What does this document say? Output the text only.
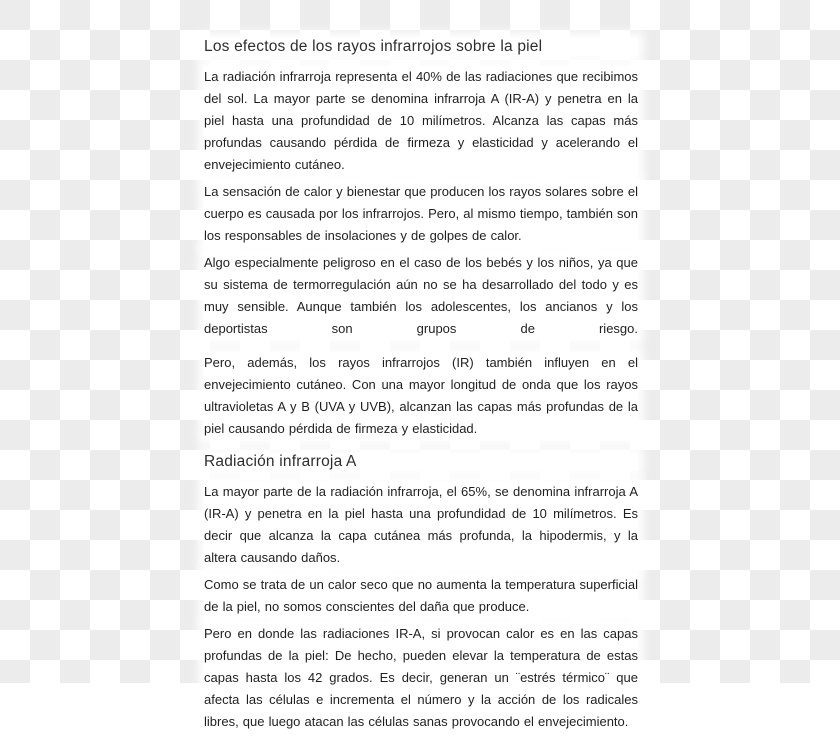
Los efectos de los rayos infrarrojos sobre la piel

La radiación infrarroja representa el 40% de las radiaciones que recibimos del sol. La mayor parte se denomina infrarroja A (IR-A) y penetra en la piel hasta una profundidad de 10 milímetros. Alcanza las capas más profundas causando pérdida de firmeza y elasticidad y acelerando el envejecimiento cutáneo.

La sensación de calor y bienestar que producen los rayos solares sobre el cuerpo es causada por los infrarrojos. Pero, al mismo tiempo, también son los responsables de insolaciones y de golpes de calor.

Algo especialmente peligroso en el caso de los bebés y los niños, ya que su sistema de termorregulación aún no se ha desarrollado del todo y es muy sensible. Aunque también los adolescentes, los ancianos y los deportistas son grupos de riesgo.

Pero, además, los rayos infrarrojos (IR) también influyen en el envejecimiento cutáneo. Con una mayor longitud de onda que los rayos ultravioletas A y B (UVA y UVB), alcanzan las capas más profundas de la piel causando pérdida de firmeza y elasticidad.

Radiación infrarroja A

La mayor parte de la radiación infrarroja, el 65%, se denomina infrarroja A (IR-A) y penetra en la piel hasta una profundidad de 10 milímetros. Es decir que alcanza la capa cutánea más profunda, la hipodermis, y la altera causando daños.

Como se trata de un calor seco que no aumenta la temperatura superficial de la piel, no somos conscientes del daña que produce.

Pero en donde las radiaciones IR-A, si provocan calor es en las capas profundas de la piel: De hecho, pueden elevar la temperatura de estas capas hasta los 42 grados. Es decir, generan un ¨estrés térmico¨ que afecta las células e incrementa el número y la acción de los radicales libres, que luego atacan las células sanas provocando el envejecimiento.
